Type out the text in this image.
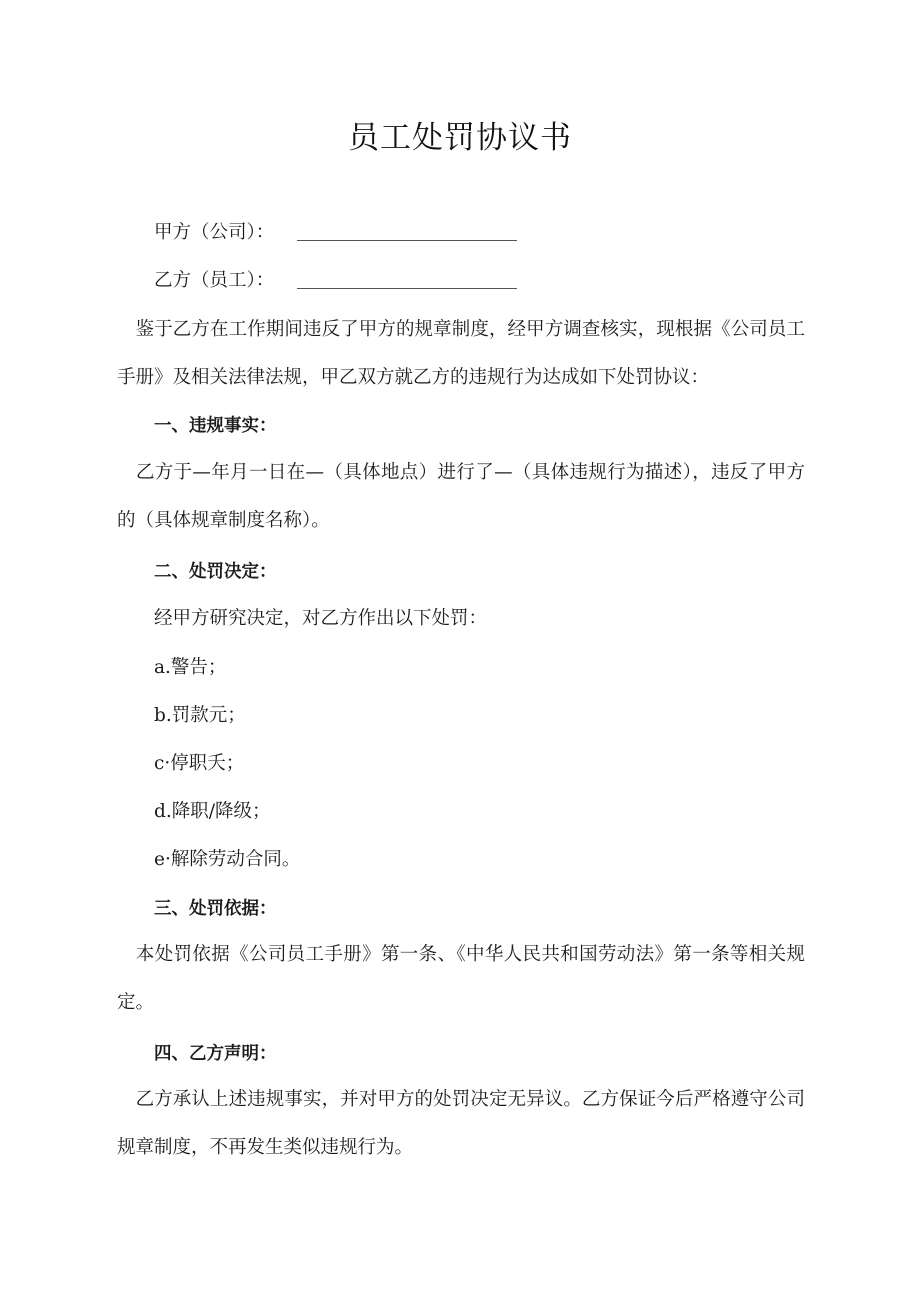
员工处罚协议书
甲方（公司）：
乙方（员工）：
　鉴于乙方在工作期间违反了甲方的规章制度，经甲方调查核实，现根据《公司员工手册》及相关法律法规，甲乙双方就乙方的违规行为达成如下处罚协议：
一、违规事实：
　乙方于—年月一日在—（具体地点）进行了—（具体违规行为描述），违反了甲方的（具体规章制度名称）。
二、处罚决定：
经甲方研究决定，对乙方作出以下处罚：
a.警告；
b.罚款元；
c·停职夭；
d.降职/降级；
e·解除劳动合同。
三、处罚依据：
　本处罚依据《公司员工手册》第一条、《中华人民共和国劳动法》第一条等相关规定。
四、乙方声明：
　乙方承认上述违规事实，并对甲方的处罚决定无异议。乙方保证今后严格遵守公司规章制度，不再发生类似违规行为。
